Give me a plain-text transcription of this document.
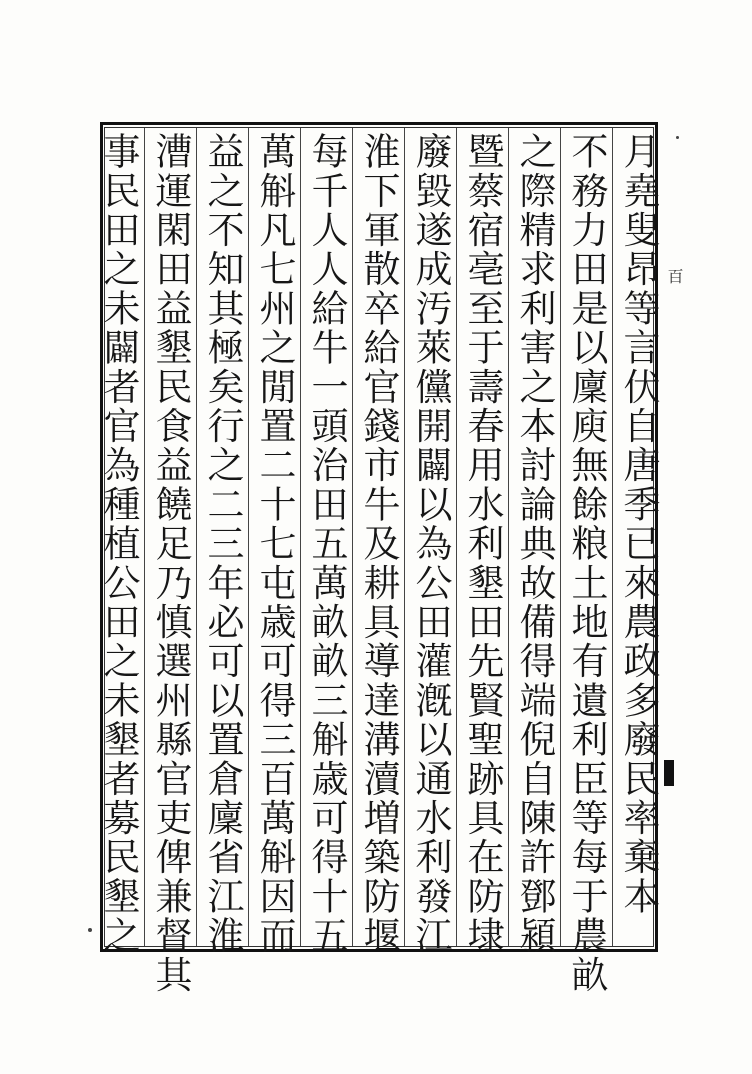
百
月堯叟昂等言伏自唐季已來農政多廢民率棄本
不務力田是以廩庾無餘粮土地有遺利臣等每于農畝
之際精求利害之本討論典故備得端倪自陳許鄧潁
暨蔡宿亳至于壽春用水利墾田先賢聖跡具在防埭
廢毀遂成汚萊儻開闢以為公田灌漑以通水利發江
淮下軍散卒給官錢市牛及耕具導達溝瀆増築防堰
每千人人給牛一頭治田五萬畝畝三斛歳可得十五
萬斛凡七州之閒置二十七屯歳可得三百萬斛因而
益之不知其極矣行之二三年必可以置倉廩省江淮
漕運閑田益墾民食益饒足乃慎選州縣官吏俾兼督其
事民田之未闢者官為種植公田之未墾者募民墾之
